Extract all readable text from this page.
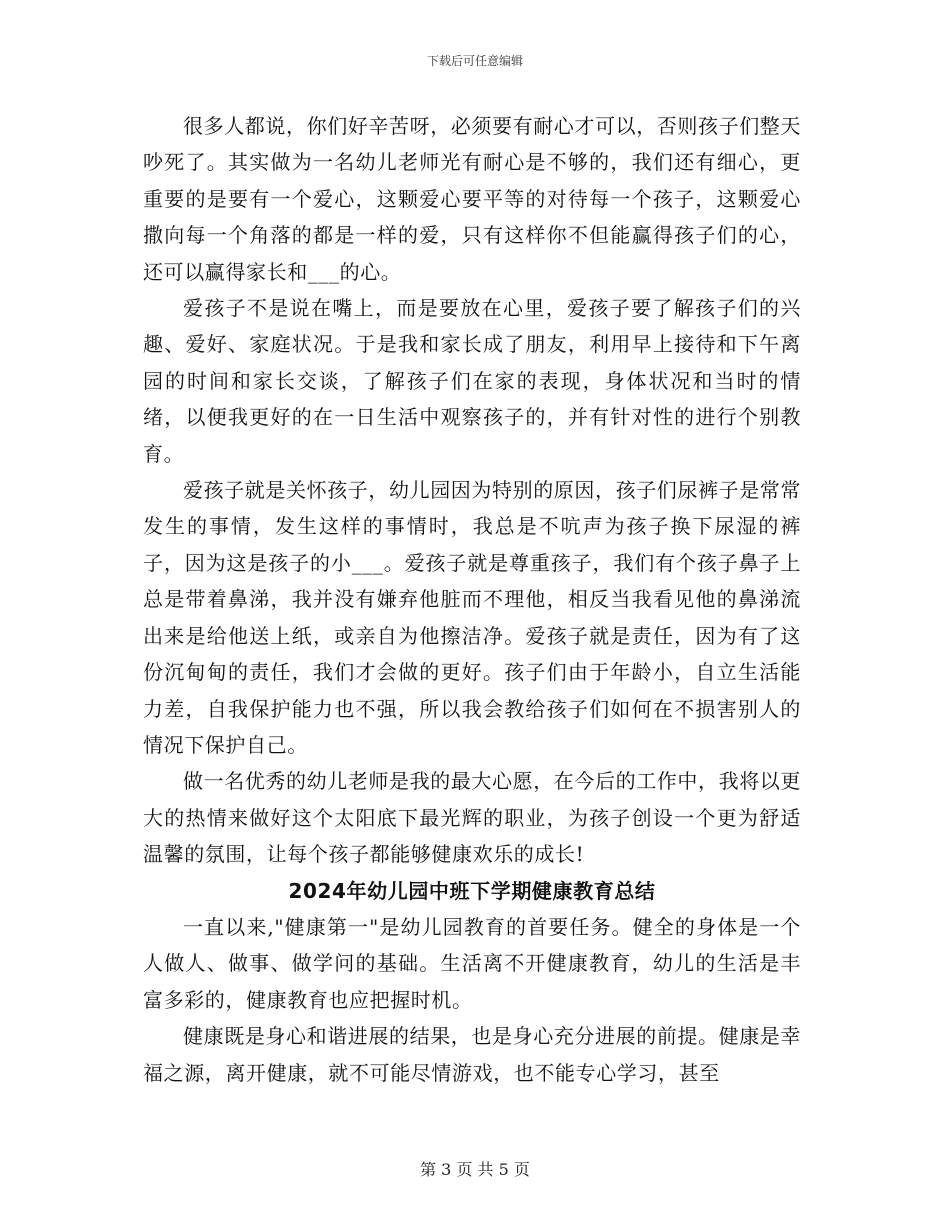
下载后可任意编辑

很多人都说，你们好辛苦呀，必须要有耐心才可以，否则孩子们整天吵死了。其实做为一名幼儿老师光有耐心是不够的，我们还有细心，更重要的是要有一个爱心，这颗爱心要平等的对待每一个孩子，这颗爱心撒向每一个角落的都是一样的爱，只有这样你不但能赢得孩子们的心，还可以赢得家长和___的心。

爱孩子不是说在嘴上，而是要放在心里，爱孩子要了解孩子们的兴趣、爱好、家庭状况。于是我和家长成了朋友，利用早上接待和下午离园的时间和家长交谈，了解孩子们在家的表现，身体状况和当时的情绪，以便我更好的在一日生活中观察孩子的，并有针对性的进行个别教育。

爱孩子就是关怀孩子，幼儿园因为特别的原因，孩子们尿裤子是常常发生的事情，发生这样的事情时，我总是不吭声为孩子换下尿湿的裤子，因为这是孩子的小___。爱孩子就是尊重孩子，我们有个孩子鼻子上总是带着鼻涕，我并没有嫌弃他脏而不理他，相反当我看见他的鼻涕流出来是给他送上纸，或亲自为他擦洁净。爱孩子就是责任，因为有了这份沉甸甸的责任，我们才会做的更好。孩子们由于年龄小，自立生活能力差，自我保护能力也不强，所以我会教给孩子们如何在不损害别人的情况下保护自己。

做一名优秀的幼儿老师是我的最大心愿，在今后的工作中，我将以更大的热情来做好这个太阳底下最光辉的职业，为孩子创设一个更为舒适温馨的氛围，让每个孩子都能够健康欢乐的成长!

2024年幼儿园中班下学期健康教育总结

一直以来,"健康第一"是幼儿园教育的首要任务。健全的身体是一个人做人、做事、做学问的基础。生活离不开健康教育，幼儿的生活是丰富多彩的，健康教育也应把握时机。

健康既是身心和谐进展的结果，也是身心充分进展的前提。健康是幸福之源，离开健康，就不可能尽情游戏，也不能专心学习，甚至

第 3 页 共 5 页
